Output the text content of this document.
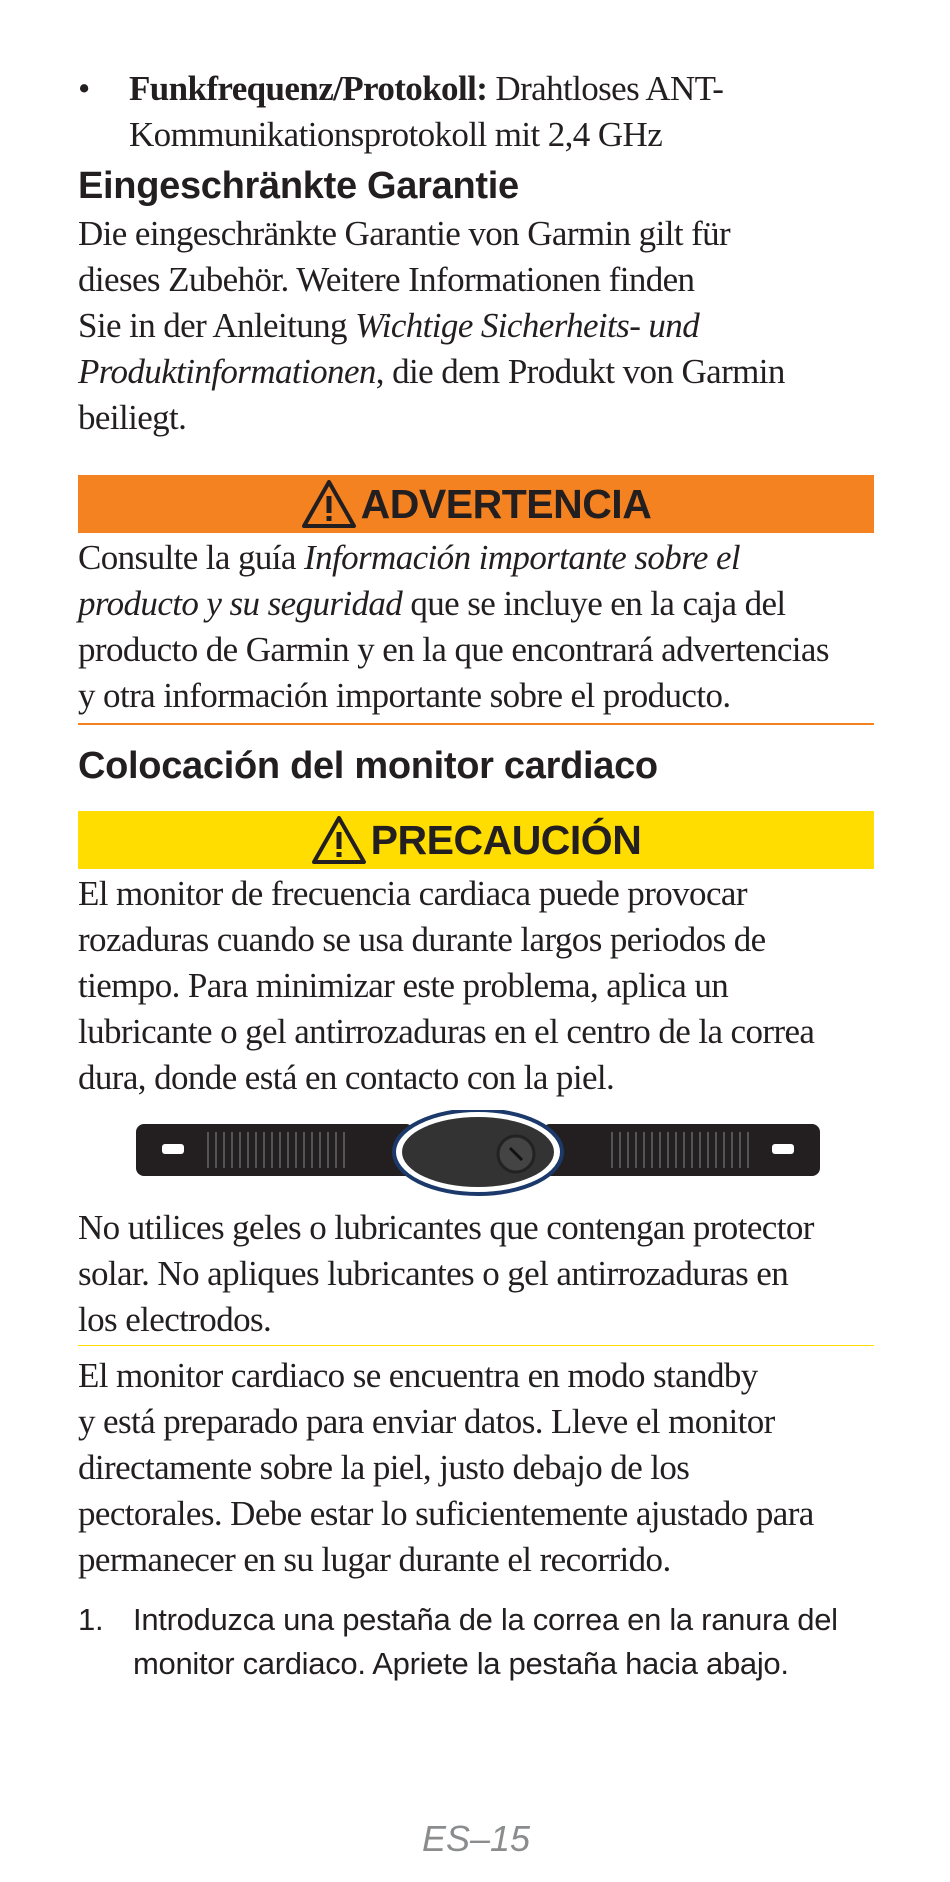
• Funkfrequenz/Protokoll: Drahtloses ANT-
Kommunikationsprotokoll mit 2,4 GHz
Eingeschränkte Garantie
Die eingeschränkte Garantie von Garmin gilt für
dieses Zubehör. Weitere Informationen finden
Sie in der Anleitung Wichtige Sicherheits- und
Produktinformationen, die dem Produkt von Garmin
beiliegt.
ADVERTENCIA
Consulte la guía Información importante sobre el
producto y su seguridad que se incluye en la caja del
producto de Garmin y en la que encontrará advertencias
y otra información importante sobre el producto.
Colocación del monitor cardiaco
PRECAUCIÓN
El monitor de frecuencia cardiaca puede provocar
rozaduras cuando se usa durante largos periodos de
tiempo. Para minimizar este problema, aplica un
lubricante o gel antirrozaduras en el centro de la correa
dura, donde está en contacto con la piel.
No utilices geles o lubricantes que contengan protector
solar. No apliques lubricantes o gel antirrozaduras en
los electrodos.
El monitor cardiaco se encuentra en modo standby
y está preparado para enviar datos. Lleve el monitor
directamente sobre la piel, justo debajo de los
pectorales. Debe estar lo suficientemente ajustado para
permanecer en su lugar durante el recorrido.
1. Introduzca una pestaña de la correa en la ranura del
monitor cardiaco. Apriete la pestaña hacia abajo.
ES–15
